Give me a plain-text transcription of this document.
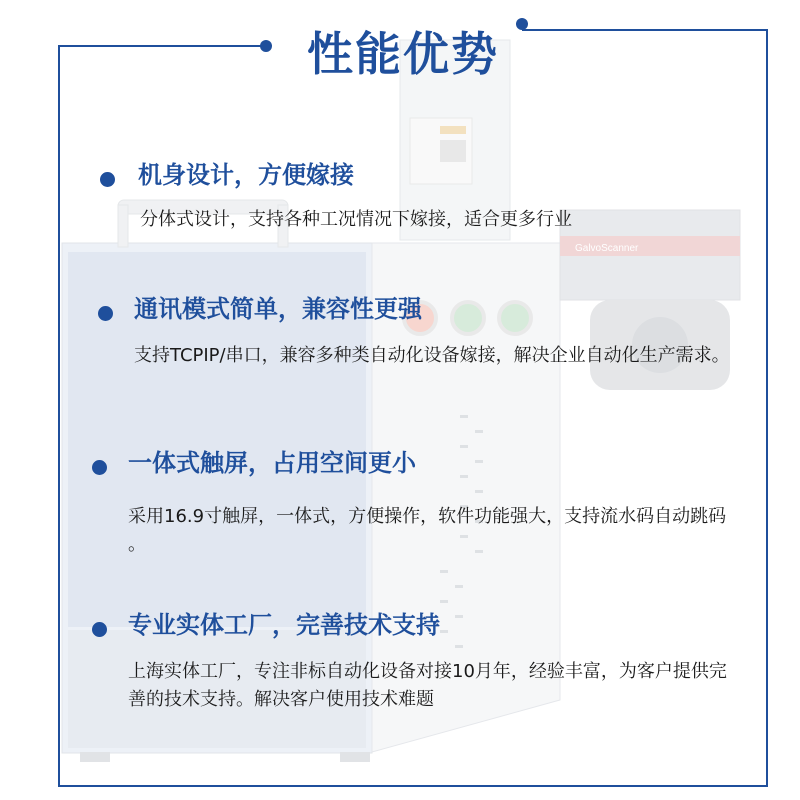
GalvoScanner
性能优势
机身设计，方便嫁接
分体式设计，支持各种工况情况下嫁接，适合更多行业
通讯模式简单，兼容性更强
支持TCPIP/串口，兼容多种类自动化设备嫁接，解决企业自动化生产需求。
一体式触屏，占用空间更小
采用16.9寸触屏，一体式，方便操作，软件功能强大，支持流水码自动跳码 。
专业实体工厂，完善技术支持
上海实体工厂，专注非标自动化设备对接10月年，经验丰富，为客户提供完善的技术支持。解决客户使用技术难题
